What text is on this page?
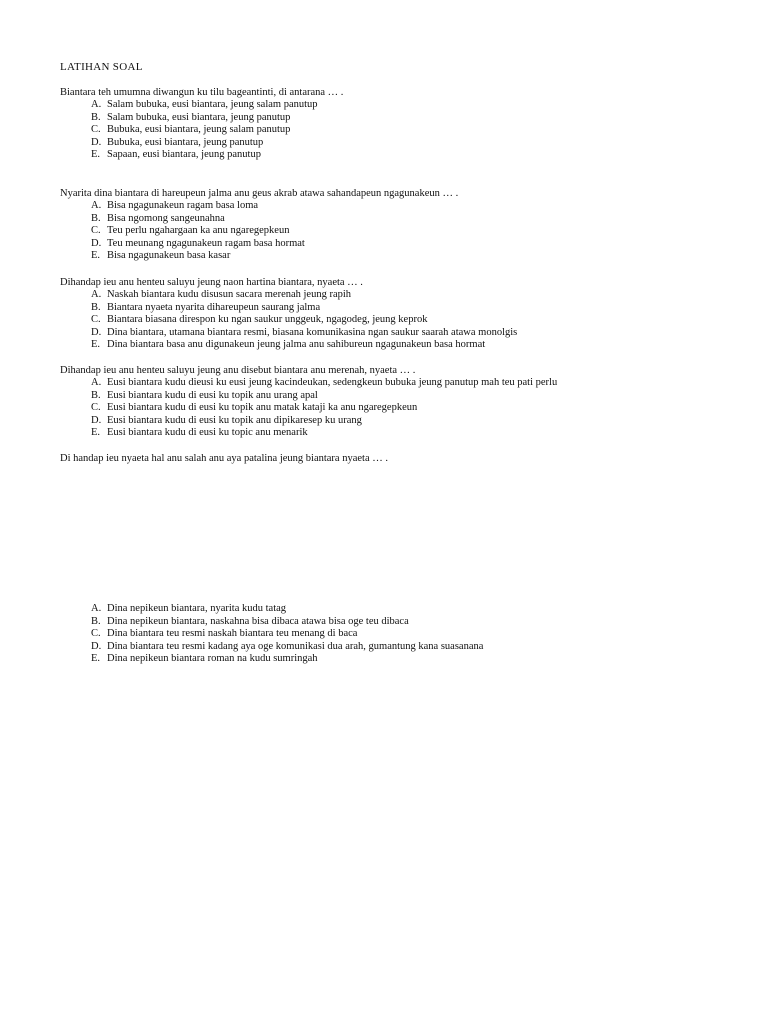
LATIHAN SOAL
Biantara teh umumna diwangun ku tilu bageantinti, di antarana … .
A. Salam bubuka, eusi biantara, jeung salam panutup
B. Salam bubuka, eusi biantara, jeung panutup
C. Bubuka, eusi biantara, jeung salam panutup
D. Bubuka, eusi biantara, jeung panutup
E. Sapaan, eusi biantara, jeung panutup
Nyarita dina biantara di hareupeun jalma anu geus akrab atawa sahandapeun ngagunakeun … .
A. Bisa ngagunakeun ragam basa loma
B. Bisa ngomong sangeunahna
C. Teu perlu ngahargaan ka anu ngaregepkeun
D. Teu meunang ngagunakeun ragam basa hormat
E. Bisa ngagunakeun basa kasar
Dihandap ieu anu henteu saluyu jeung naon hartina biantara, nyaeta … .
A. Naskah biantara kudu disusun sacara merenah jeung rapih
B. Biantara nyaeta nyarita dihareupeun saurang jalma
C. Biantara biasana direspon ku ngan saukur unggeuk, ngagodeg, jeung keprok
D. Dina biantara, utamana biantara resmi, biasana komunikasina ngan saukur saarah atawa monolgis
E. Dina biantara basa anu digunakeun jeung jalma anu sahibureun ngagunakeun basa hormat
Dihandap ieu anu henteu saluyu jeung anu disebut biantara anu merenah, nyaeta … .
A. Eusi biantara kudu dieusi ku eusi jeung kacindeukan, sedengkeun bubuka jeung panutup mah teu pati perlu
B. Eusi biantara kudu di eusi ku topik anu urang apal
C. Eusi biantara kudu di eusi ku topik anu matak kataji ka anu ngaregepkeun
D. Eusi biantara kudu di eusi ku topik anu dipikaresep ku urang
E. Eusi biantara kudu di eusi ku topic anu menarik
Di handap ieu nyaeta hal anu salah anu aya patalina jeung biantara nyaeta … .
A. Dina nepikeun biantara, nyarita kudu tatag
B. Dina nepikeun biantara, naskahna bisa dibaca atawa bisa oge teu dibaca
C. Dina biantara teu resmi naskah biantara teu menang di baca
D. Dina biantara teu resmi kadang aya oge komunikasi dua arah, gumantung kana suasanana
E. Dina nepikeun biantara roman na kudu sumringah
